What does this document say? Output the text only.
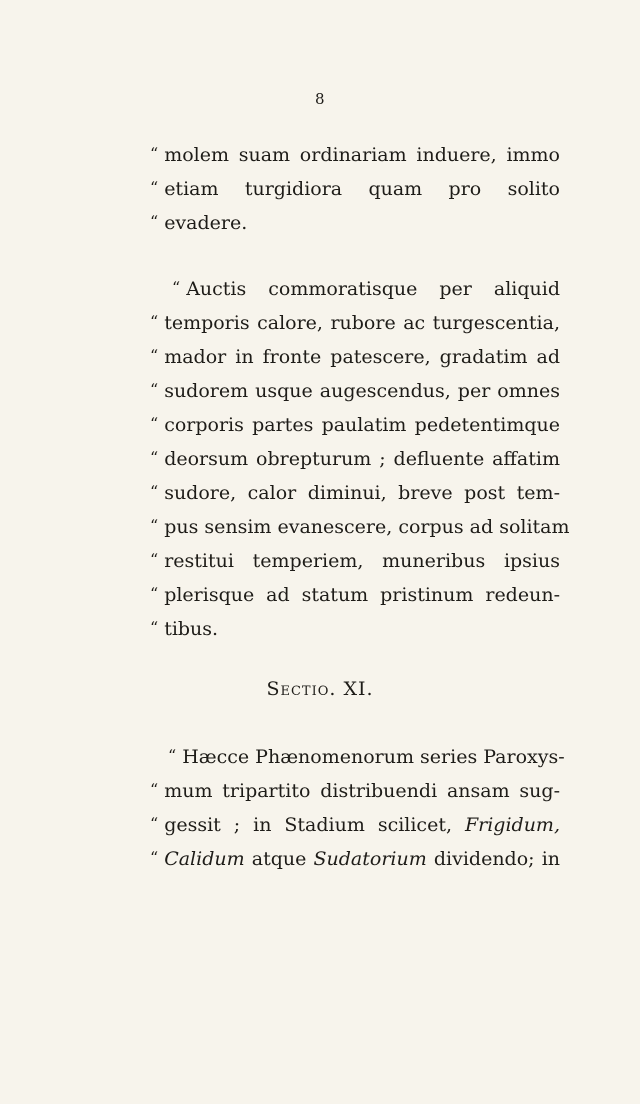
8
“ molem suam ordinariam induere, immo
“ etiam turgidiora quam pro solito
“ evadere.
“ Auctis commoratisque per aliquid
“ temporis calore, rubore ac turgescentia,
“ mador in fronte patescere, gradatim ad
“ sudorem usque augescendus, per omnes
“ corporis partes paulatim pedetentimque
“ deorsum obrepturum ; defluente affatim
“ sudore, calor diminui, breve post tem-
“ pus sensim evanescere, corpus ad solitam
“ restitui temperiem, muneribus ipsius
“ plerisque ad statum pristinum redeun-
“ tibus.
Sectio. XI.
“ Hæcce Phænomenorum series Paroxys-
“ mum tripartito distribuendi ansam sug-
“ gessit ; in Stadium scilicet, Frigidum,
“ Calidum atque Sudatorium dividendo; in
